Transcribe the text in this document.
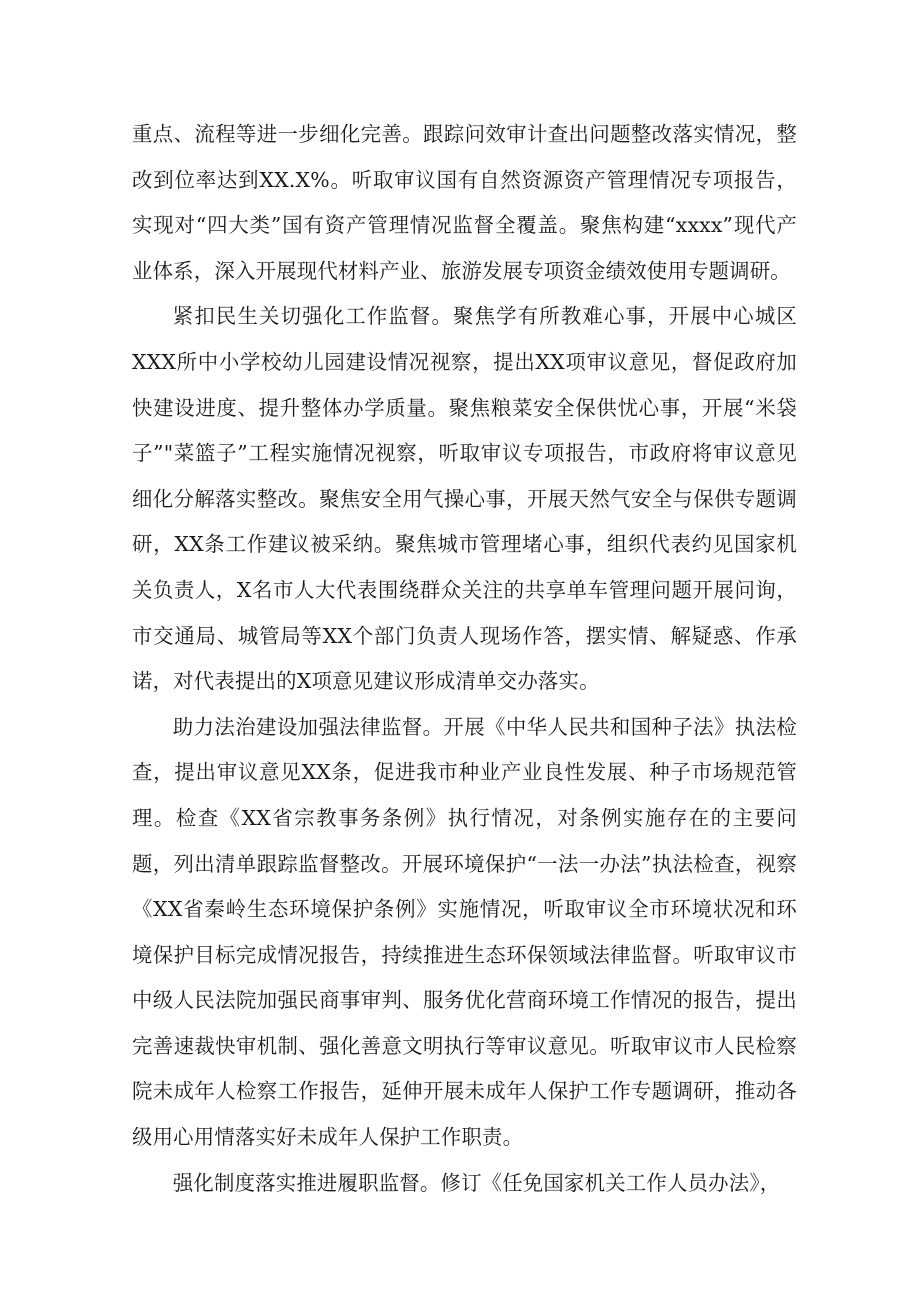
重点、流程等进一步细化完善。跟踪问效审计查出问题整改落实情况，整改到位率达到XX.X%。听取审议国有自然资源资产管理情况专项报告，实现对“四大类”国有资产管理情况监督全覆盖。聚焦构建“xxxx”现代产业体系，深入开展现代材料产业、旅游发展专项资金绩效使用专题调研。

紧扣民生关切强化工作监督。聚焦学有所教难心事，开展中心城区XXX所中小学校幼儿园建设情况视察，提出XX项审议意见，督促政府加快建设进度、提升整体办学质量。聚焦粮菜安全保供忧心事，开展“米袋子”"菜篮子”工程实施情况视察，听取审议专项报告，市政府将审议意见细化分解落实整改。聚焦安全用气操心事，开展天然气安全与保供专题调研，XX条工作建议被采纳。聚焦城市管理堵心事，组织代表约见国家机关负责人，X名市人大代表围绕群众关注的共享单车管理问题开展问询，市交通局、城管局等XX个部门负责人现场作答，摆实情、解疑惑、作承诺，对代表提出的X项意见建议形成清单交办落实。

助力法治建设加强法律监督。开展《中华人民共和国种子法》执法检查，提出审议意见XX条，促进我市种业产业良性发展、种子市场规范管理。检查《XX省宗教事务条例》执行情况，对条例实施存在的主要问题，列出清单跟踪监督整改。开展环境保护“一法一办法”执法检查，视察《XX省秦岭生态环境保护条例》实施情况，听取审议全市环境状况和环境保护目标完成情况报告，持续推进生态环保领域法律监督。听取审议市中级人民法院加强民商事审判、服务优化营商环境工作情况的报告，提出完善速裁快审机制、强化善意文明执行等审议意见。听取审议市人民检察院未成年人检察工作报告，延伸开展未成年人保护工作专题调研，推动各级用心用情落实好未成年人保护工作职责。

强化制度落实推进履职监督。修订《任免国家机关工作人员办法》，
